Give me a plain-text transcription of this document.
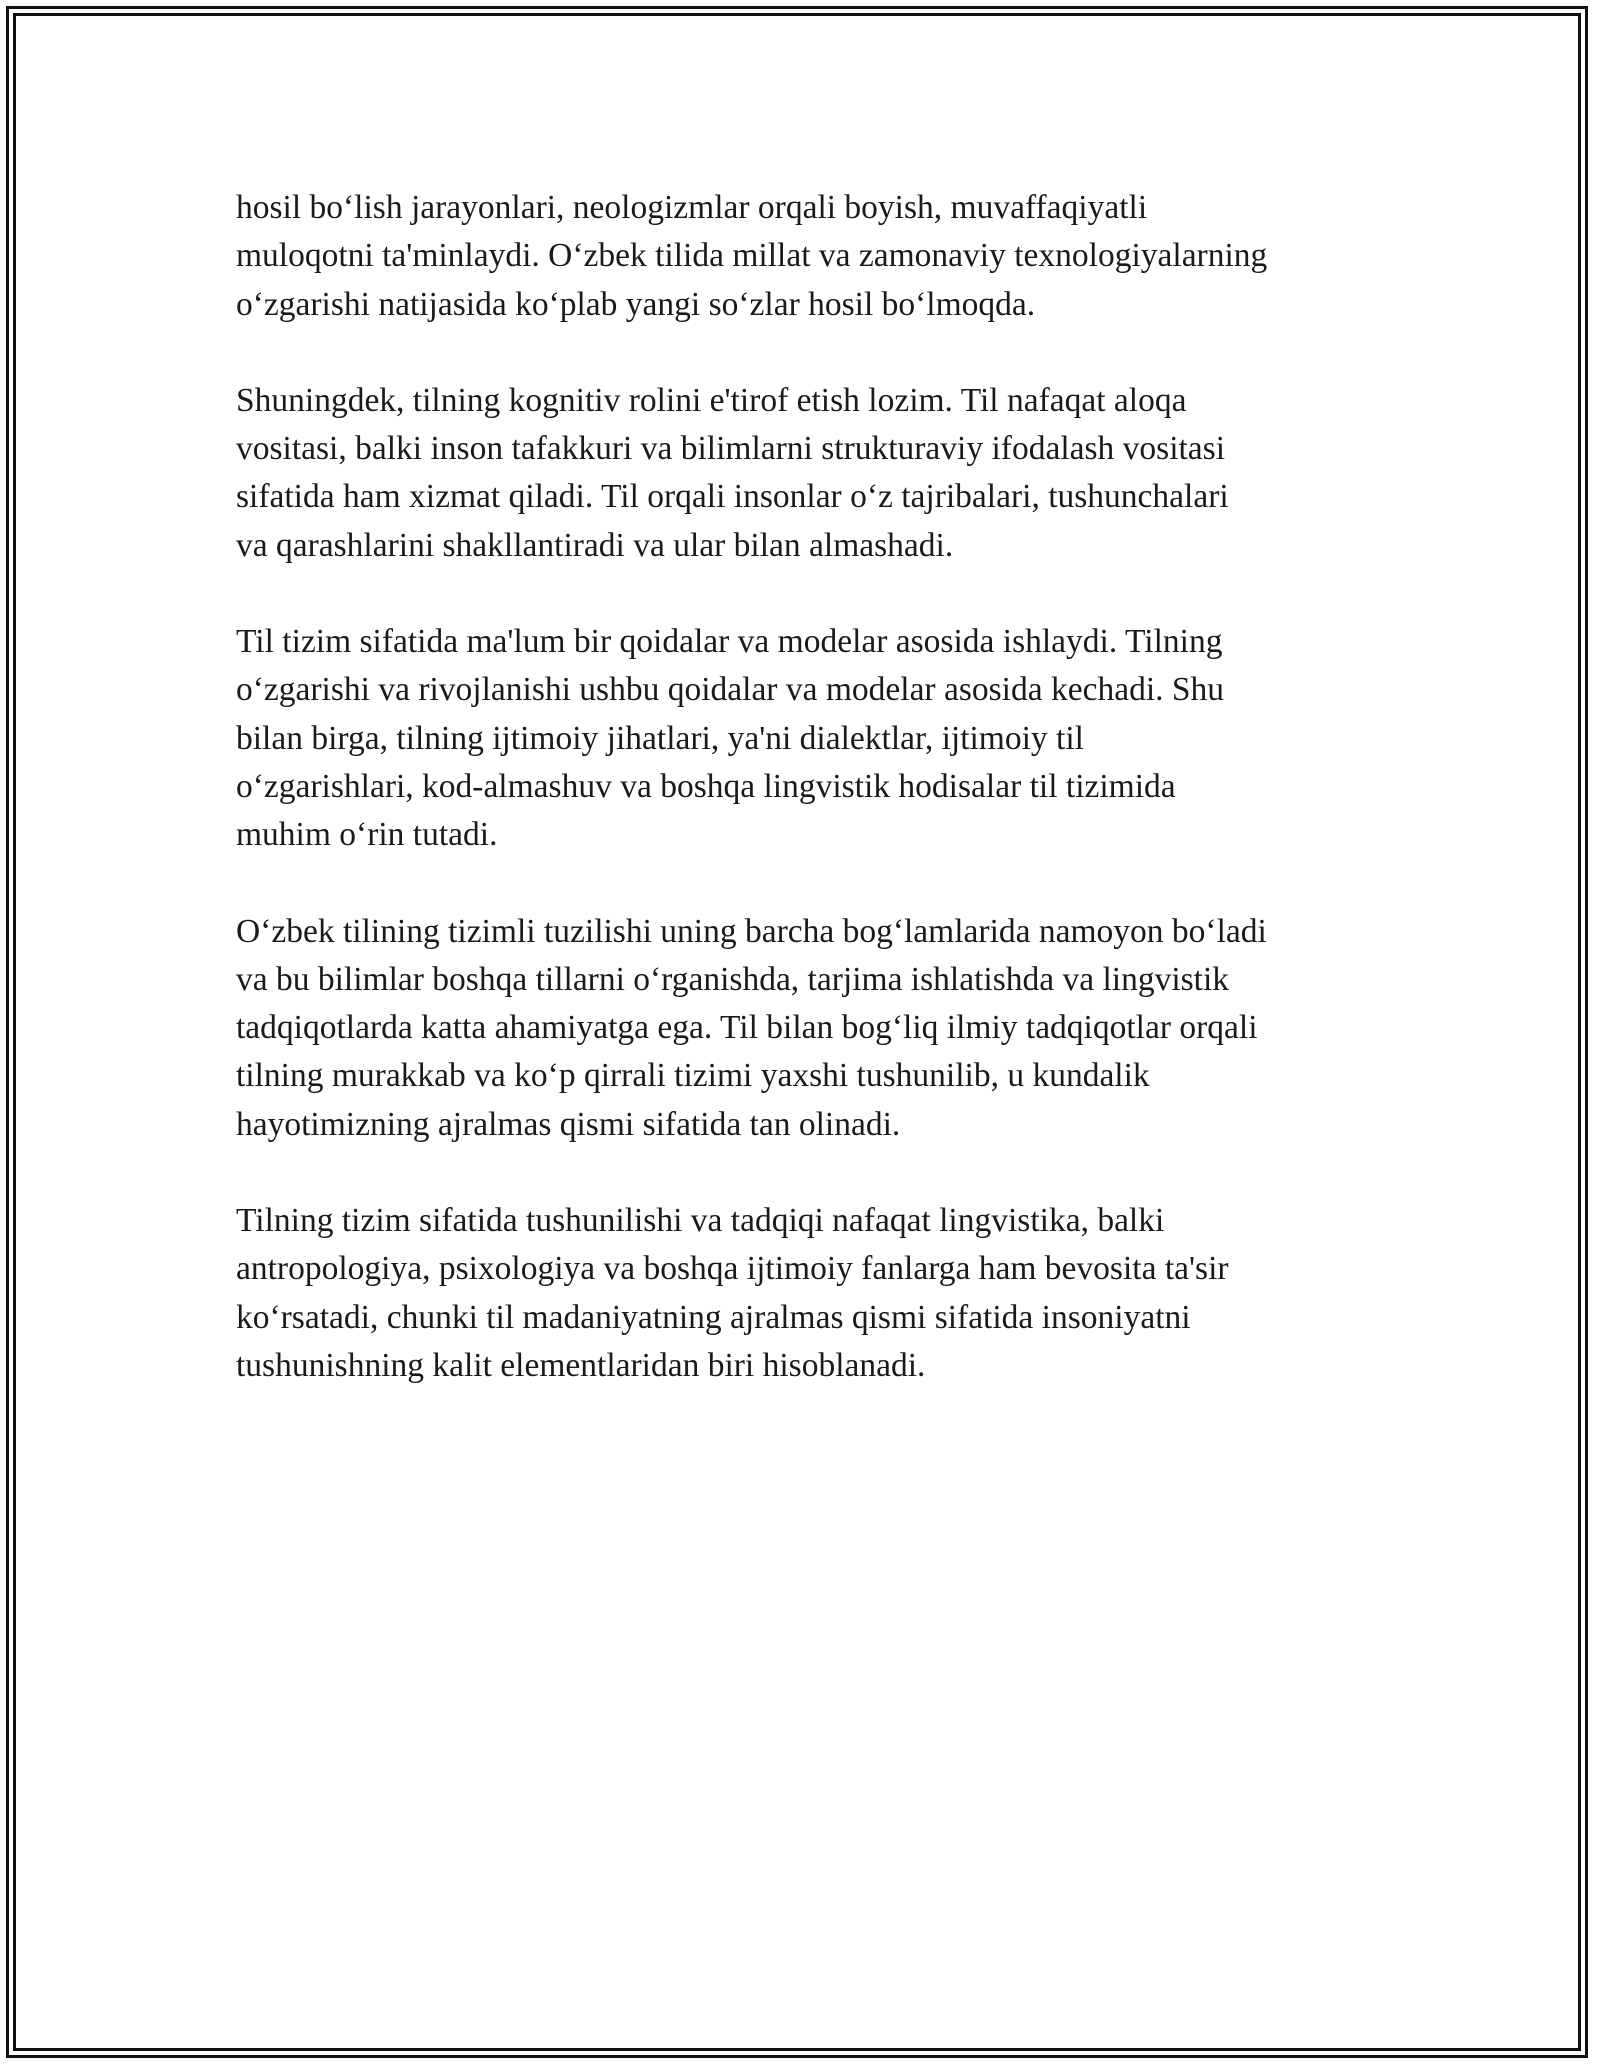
hosil bo‘lish jarayonlari, neologizmlar orqali boyish, muvaffaqiyatli
muloqotni ta'minlaydi. O‘zbek tilida millat va zamonaviy texnologiyalarning
o‘zgarishi natijasida ko‘plab yangi so‘zlar hosil bo‘lmoqda.

Shuningdek, tilning kognitiv rolini e'tirof etish lozim. Til nafaqat aloqa
vositasi, balki inson tafakkuri va bilimlarni strukturaviy ifodalash vositasi
sifatida ham xizmat qiladi. Til orqali insonlar o‘z tajribalari, tushunchalari
va qarashlarini shakllantiradi va ular bilan almashadi.

Til tizim sifatida ma'lum bir qoidalar va modelar asosida ishlaydi. Tilning
o‘zgarishi va rivojlanishi ushbu qoidalar va modelar asosida kechadi. Shu
bilan birga, tilning ijtimoiy jihatlari, ya'ni dialektlar, ijtimoiy til
o‘zgarishlari, kod-almashuv va boshqa lingvistik hodisalar til tizimida
muhim o‘rin tutadi.

O‘zbek tilining tizimli tuzilishi uning barcha bog‘lamlarida namoyon bo‘ladi
va bu bilimlar boshqa tillarni o‘rganishda, tarjima ishlatishda va lingvistik
tadqiqotlarda katta ahamiyatga ega. Til bilan bog‘liq ilmiy tadqiqotlar orqali
tilning murakkab va ko‘p qirrali tizimi yaxshi tushunilib, u kundalik
hayotimizning ajralmas qismi sifatida tan olinadi.

Tilning tizim sifatida tushunilishi va tadqiqi nafaqat lingvistika, balki
antropologiya, psixologiya va boshqa ijtimoiy fanlarga ham bevosita ta'sir
ko‘rsatadi, chunki til madaniyatning ajralmas qismi sifatida insoniyatni
tushunishning kalit elementlaridan biri hisoblanadi.
